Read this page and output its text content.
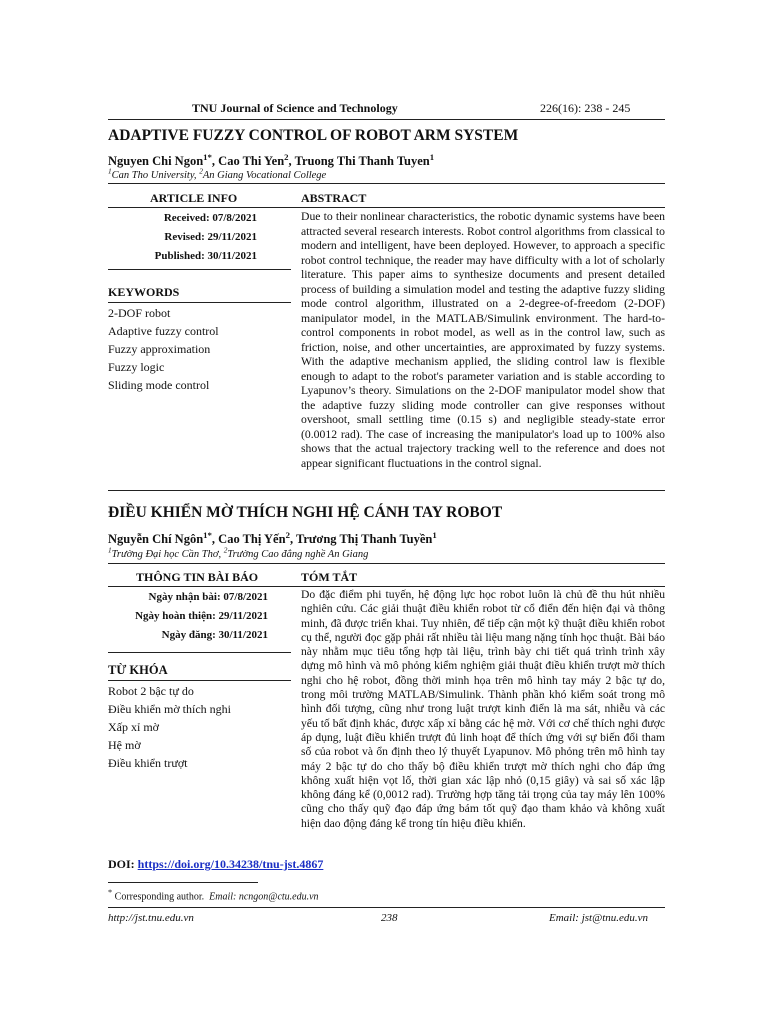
TNU Journal of Science and Technology	226(16): 238 - 245
ADAPTIVE FUZZY CONTROL OF ROBOT ARM SYSTEM
Nguyen Chi Ngon$^{1*}$, Cao Thi Yen$^2$, Truong Thi Thanh Tuyen$^1$
$^1$Can Tho University, $^2$An Giang Vocational College
ARTICLE INFO	ABSTRACT
Received: 07/8/2021
Revised: 29/11/2021
Published: 30/11/2021
KEYWORDS
2-DOF robot
Adaptive fuzzy control
Fuzzy approximation
Fuzzy logic
Sliding mode control
Due to their nonlinear characteristics, the robotic dynamic systems have been attracted several research interests. Robot control algorithms from classical to modern and intelligent, have been deployed. However, to approach a specific robot control technique, the reader may have difficulty with a lot of scholarly literature. This paper aims to synthesize documents and present detailed process of building a simulation model and testing the adaptive fuzzy sliding mode control algorithm, illustrated on a 2-degree-of-freedom (2-DOF) manipulator model, in the MATLAB/Simulink environment. The hard-to-control components in robot model, as well as in the control law, such as friction, noise, and other uncertainties, are approximated by fuzzy systems. With the adaptive mechanism applied, the sliding control law is flexible enough to adapt to the robot's parameter variation and is stable according to Lyapunov’s theory. Simulations on the 2-DOF manipulator model show that the adaptive fuzzy sliding mode controller can give responses without overshoot, small settling time (0.15 s) and negligible steady-state error (0.0012 rad). The case of increasing the manipulator's load up to 100% also shows that the actual trajectory tracking well to the reference and does not appear significant fluctuations in the control signal.
ĐIỀU KHIỂN MỜ THÍCH NGHI HỆ CÁNH TAY ROBOT
Nguyễn Chí Ngôn$^{1*}$, Cao Thị Yến$^2$, Trương Thị Thanh Tuyền$^1$
$^1$Trường Đại học Cần Thơ, $^2$Trường Cao đẳng nghề An Giang
THÔNG TIN BÀI BÁO	TÓM TẮT
Ngày nhận bài: 07/8/2021
Ngày hoàn thiện: 29/11/2021
Ngày đăng: 30/11/2021
TỪ KHÓA
Robot 2 bậc tự do
Điều khiển mờ thích nghi
Xấp xỉ mờ
Hệ mờ
Điều khiển trượt
Do đặc điểm phi tuyến, hệ động lực học robot luôn là chủ đề thu hút nhiều nghiên cứu. Các giải thuật điều khiển robot từ cổ điển đến hiện đại và thông minh, đã được triển khai. Tuy nhiên, để tiếp cận một kỹ thuật điều khiển robot cụ thể, người đọc gặp phải rất nhiều tài liệu mang nặng tính học thuật. Bài báo này nhằm mục tiêu tổng hợp tài liệu, trình bày chi tiết quá trình trình xây dựng mô hình và mô phỏng kiểm nghiệm giải thuật điều khiển trượt mờ thích nghi cho hệ robot, đồng thời minh họa trên mô hình tay máy 2 bậc tự do, trong môi trường MATLAB/Simulink. Thành phần khó kiểm soát trong mô hình đối tượng, cũng như trong luật trượt kinh điển là ma sát, nhiễu và các yếu tố bất định khác, được xấp xỉ bằng các hệ mờ. Với cơ chế thích nghi được áp dụng, luật điều khiển trượt đủ linh hoạt để thích ứng với sự biến đổi tham số của robot và ổn định theo lý thuyết Lyapunov. Mô phỏng trên mô hình tay máy 2 bậc tự do cho thấy bộ điều khiển trượt mờ thích nghi cho đáp ứng không xuất hiện vọt lố, thời gian xác lập nhỏ (0,15 giây) và sai số xác lập không đáng kể (0,0012 rad). Trường hợp tăng tải trọng của tay máy lên 100% cũng cho thấy quỹ đạo đáp ứng bám tốt quỹ đạo tham khảo và không xuất hiện dao động đáng kể trong tín hiệu điều khiển.
DOI: https://doi.org/10.34238/tnu-jst.4867
* Corresponding author. Email: ncngon@ctu.edu.vn
http://jst.tnu.edu.vn	238	Email: jst@tnu.edu.vn
